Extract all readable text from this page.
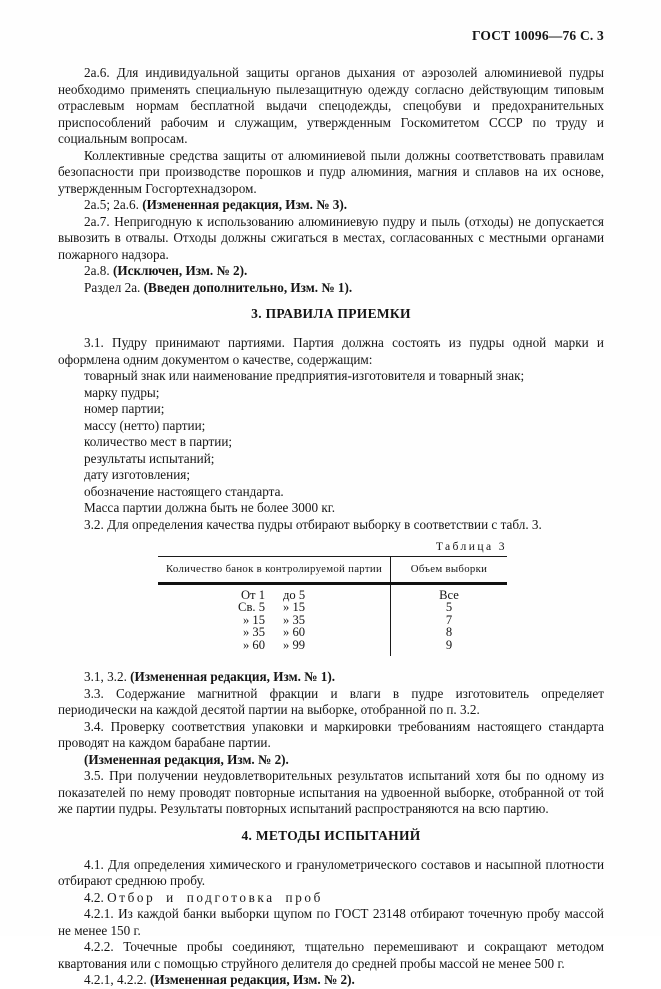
ГОСТ 10096—76 С. 3

2а.6. Для индивидуальной защиты органов дыхания от аэрозолей алюминиевой пудры необходимо применять специальную пылезащитную одежду согласно действующим типовым отраслевым нормам бесплатной выдачи спецодежды, спецобуви и предохранительных приспособлений рабочим и служащим, утвержденным Госкомитетом СССР по труду и социальным вопросам.

Коллективные средства защиты от алюминиевой пыли должны соответствовать правилам безопасности при производстве порошков и пудр алюминия, магния и сплавов на их основе, утвержденным Госгортехнадзором.

2а.5; 2а.6. (Измененная редакция, Изм. № 3).

2а.7. Непригодную к использованию алюминиевую пудру и пыль (отходы) не допускается вывозить в отвалы. Отходы должны сжигаться в местах, согласованных с местными органами пожарного надзора.

2а.8. (Исключен, Изм. № 2).

Раздел 2а. (Введен дополнительно, Изм. № 1).

3. ПРАВИЛА ПРИЕМКИ

3.1. Пудру принимают партиями. Партия должна состоять из пудры одной марки и оформлена одним документом о качестве, содержащим:

товарный знак или наименование предприятия-изготовителя и товарный знак;

марку пудры;

номер партии;

массу (нетто) партии;

количество мест в партии;

результаты испытаний;

дату изготовления;

обозначение настоящего стандарта.

Масса партии должна быть не более 3000 кг.

3.2. Для определения качества пудры отбирают выборку в соответствии с табл. 3.

Таблица 3

Количество банок в контролируемой партии	Объем выборки

От 1 до 5	Все

Св. 5 » 15	5

» 15 » 35	7

» 35 » 60	8

» 60 » 99	9

3.1, 3.2. (Измененная редакция, Изм. № 1).

3.3. Содержание магнитной фракции и влаги в пудре изготовитель определяет периодически на каждой десятой партии на выборке, отобранной по п. 3.2.

3.4. Проверку соответствия упаковки и маркировки требованиям настоящего стандарта проводят на каждом барабане партии.

(Измененная редакция, Изм. № 2).

3.5. При получении неудовлетворительных результатов испытаний хотя бы по одному из показателей по нему проводят повторные испытания на удвоенной выборке, отобранной от той же партии пудры. Результаты повторных испытаний распространяются на всю партию.

4. МЕТОДЫ ИСПЫТАНИЙ

4.1. Для определения химического и гранулометрического составов и насыпной плотности отбирают среднюю пробу.

4.2. Отбор и подготовка проб

4.2.1. Из каждой банки выборки щупом по ГОСТ 23148 отбирают точечную пробу массой не менее 150 г.

4.2.2. Точечные пробы соединяют, тщательно перемешивают и сокращают методом квартования или с помощью струйного делителя до средней пробы массой не менее 500 г.

4.2.1, 4.2.2. (Измененная редакция, Изм. № 2).
